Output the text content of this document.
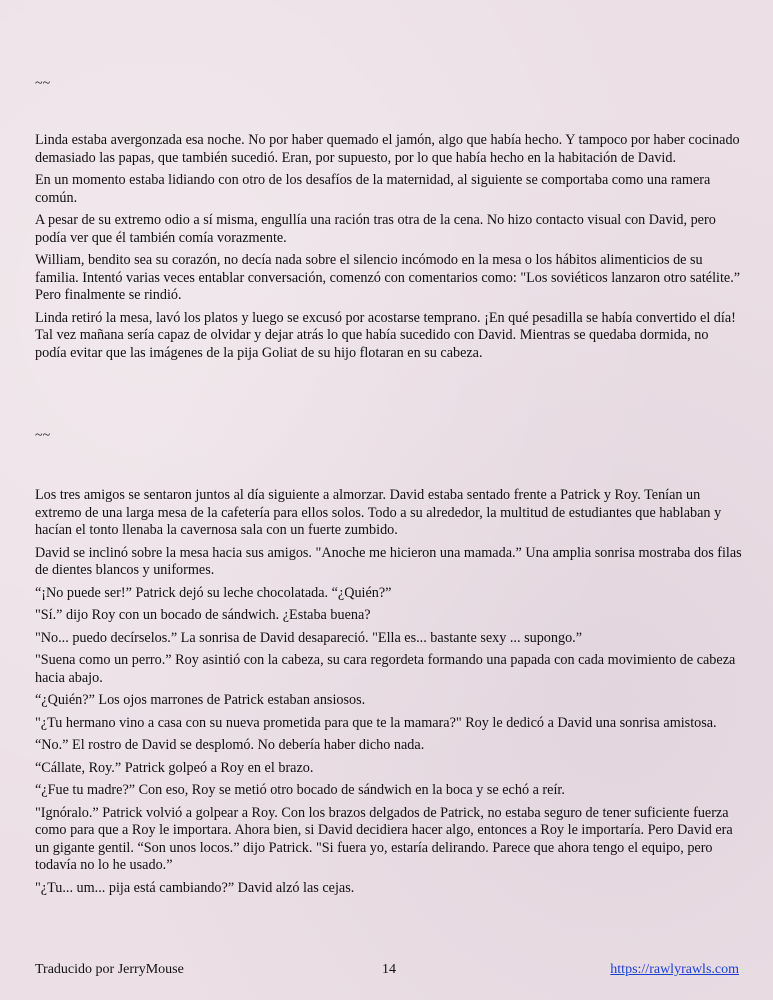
~~

Linda estaba avergonzada esa noche. No por haber quemado el jamón, algo que había hecho. Y tampoco por haber cocinado demasiado las papas, que también sucedió. Eran, por supuesto, por lo que había hecho en la habitación de David.

En un momento estaba lidiando con otro de los desafíos de la maternidad, al siguiente se comportaba como una ramera común.

A pesar de su extremo odio a sí misma, engullía una ración tras otra de la cena. No hizo contacto visual con David, pero podía ver que él también comía vorazmente.

William, bendito sea su corazón, no decía nada sobre el silencio incómodo en la mesa o los hábitos alimenticios de su familia. Intentó varias veces entablar conversación, comenzó con comentarios como: "Los soviéticos lanzaron otro satélite.” Pero finalmente se rindió.

Linda retiró la mesa, lavó los platos y luego se excusó por acostarse temprano. ¡En qué pesadilla se había convertido el día! Tal vez mañana sería capaz de olvidar y dejar atrás lo que había sucedido con David. Mientras se quedaba dormida, no podía evitar que las imágenes de la pija Goliat de su hijo flotaran en su cabeza.

~~

Los tres amigos se sentaron juntos al día siguiente a almorzar. David estaba sentado frente a Patrick y Roy. Tenían un extremo de una larga mesa de la cafetería para ellos solos. Todo a su alrededor, la multitud de estudiantes que hablaban y hacían el tonto llenaba la cavernosa sala con un fuerte zumbido.

David se inclinó sobre la mesa hacia sus amigos. "Anoche me hicieron una mamada.” Una amplia sonrisa mostraba dos filas de dientes blancos y uniformes.

“¡No puede ser!” Patrick dejó su leche chocolatada. “¿Quién?”

"Sí.” dijo Roy con un bocado de sándwich. ¿Estaba buena?

"No... puedo decírselos.” La sonrisa de David desapareció. "Ella es... bastante sexy ... supongo.”

"Suena como un perro.” Roy asintió con la cabeza, su cara regordeta formando una papada con cada movimiento de cabeza hacia abajo.

“¿Quién?” Los ojos marrones de Patrick estaban ansiosos.

"¿Tu hermano vino a casa con su nueva prometida para que te la mamara?" Roy le dedicó a David una sonrisa amistosa.

“No.” El rostro de David se desplomó. No debería haber dicho nada.

“Cállate, Roy.” Patrick golpeó a Roy en el brazo.

“¿Fue tu madre?” Con eso, Roy se metió otro bocado de sándwich en la boca y se echó a reír.

"Ignóralo.” Patrick volvió a golpear a Roy. Con los brazos delgados de Patrick, no estaba seguro de tener suficiente fuerza como para que a Roy le importara. Ahora bien, si David decidiera hacer algo, entonces a Roy le importaría. Pero David era un gigante gentil. “Son unos locos.” dijo Patrick. "Si fuera yo, estaría delirando. Parece que ahora tengo el equipo, pero todavía no lo he usado.”

"¿Tu... um... pija está cambiando?” David alzó las cejas.

Traducido por JerryMouse	14	https://rawlyrawls.com
